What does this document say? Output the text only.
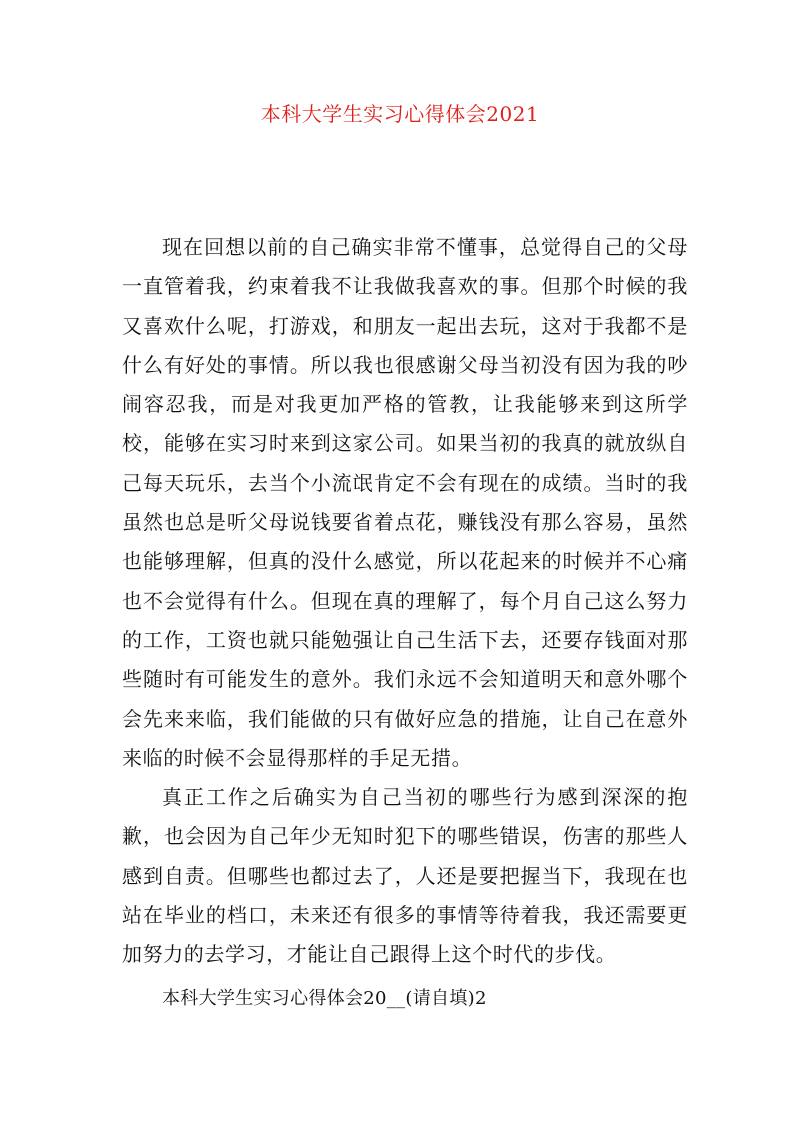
本科大学生实习心得体会2021

现在回想以前的自己确实非常不懂事，总觉得自己的父母一直管着我，约束着我不让我做我喜欢的事。但那个时候的我又喜欢什么呢，打游戏，和朋友一起出去玩，这对于我都不是什么有好处的事情。所以我也很感谢父母当初没有因为我的吵闹容忍我，而是对我更加严格的管教，让我能够来到这所学校，能够在实习时来到这家公司。如果当初的我真的就放纵自己每天玩乐，去当个小流氓肯定不会有现在的成绩。当时的我虽然也总是听父母说钱要省着点花，赚钱没有那么容易，虽然也能够理解，但真的没什么感觉，所以花起来的时候并不心痛也不会觉得有什么。但现在真的理解了，每个月自己这么努力的工作，工资也就只能勉强让自己生活下去，还要存钱面对那些随时有可能发生的意外。我们永远不会知道明天和意外哪个会先来来临，我们能做的只有做好应急的措施，让自己在意外来临的时候不会显得那样的手足无措。

真正工作之后确实为自己当初的哪些行为感到深深的抱歉，也会因为自己年少无知时犯下的哪些错误，伤害的那些人感到自责。但哪些也都过去了，人还是要把握当下，我现在也站在毕业的档口，未来还有很多的事情等待着我，我还需要更加努力的去学习，才能让自己跟得上这个时代的步伐。

本科大学生实习心得体会20__(请自填)2
